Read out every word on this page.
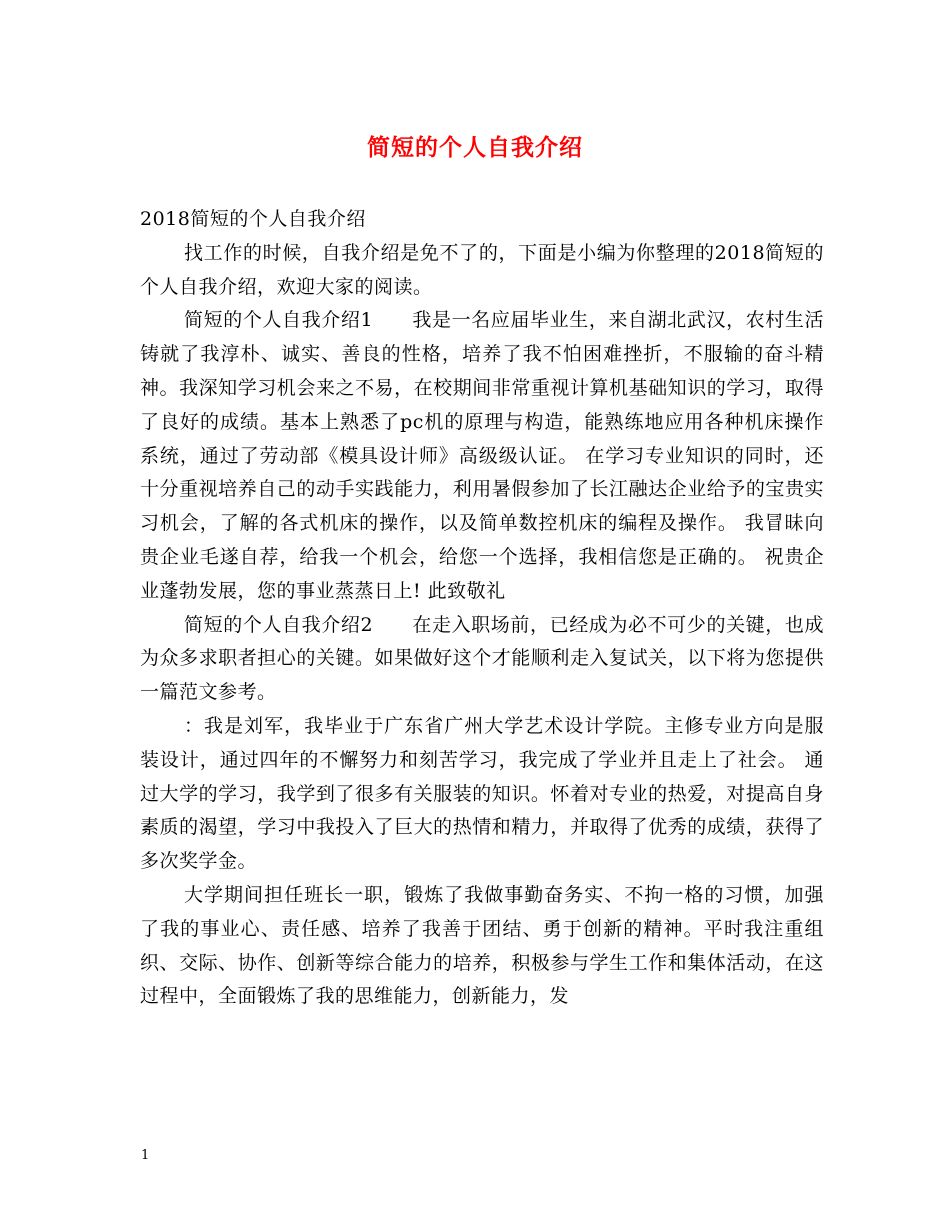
简短的个人自我介绍

2018简短的个人自我介绍

找工作的时候，自我介绍是免不了的，下面是小编为你整理的2018简短的个人自我介绍，欢迎大家的阅读。

简短的个人自我介绍1　　我是一名应届毕业生，来自湖北武汉，农村生活铸就了我淳朴、诚实、善良的性格，培养了我不怕困难挫折，不服输的奋斗精神。我深知学习机会来之不易，在校期间非常重视计算机基础知识的学习，取得了良好的成绩。基本上熟悉了pc机的原理与构造，能熟练地应用各种机床操作系统，通过了劳动部《模具设计师》高级级认证。 在学习专业知识的同时，还十分重视培养自己的动手实践能力，利用暑假参加了长江融达企业给予的宝贵实习机会，了解的各式机床的操作，以及简单数控机床的编程及操作。 我冒昧向贵企业毛遂自荐，给我一个机会，给您一个选择，我相信您是正确的。 祝贵企业蓬勃发展，您的事业蒸蒸日上! 此致敬礼

简短的个人自我介绍2　　在走入职场前，已经成为必不可少的关键，也成为众多求职者担心的关键。如果做好这个才能顺利走入复试关，以下将为您提供一篇范文参考。

：我是刘军，我毕业于广东省广州大学艺术设计学院。主修专业方向是服装设计，通过四年的不懈努力和刻苦学习，我完成了学业并且走上了社会。 通过大学的学习，我学到了很多有关服装的知识。怀着对专业的热爱，对提高自身素质的渴望，学习中我投入了巨大的热情和精力，并取得了优秀的成绩，获得了多次奖学金。

大学期间担任班长一职，锻炼了我做事勤奋务实、不拘一格的习惯，加强了我的事业心、责任感、培养了我善于团结、勇于创新的精神。平时我注重组织、交际、协作、创新等综合能力的培养，积极参与学生工作和集体活动，在这过程中，全面锻炼了我的思维能力，创新能力，发

1
